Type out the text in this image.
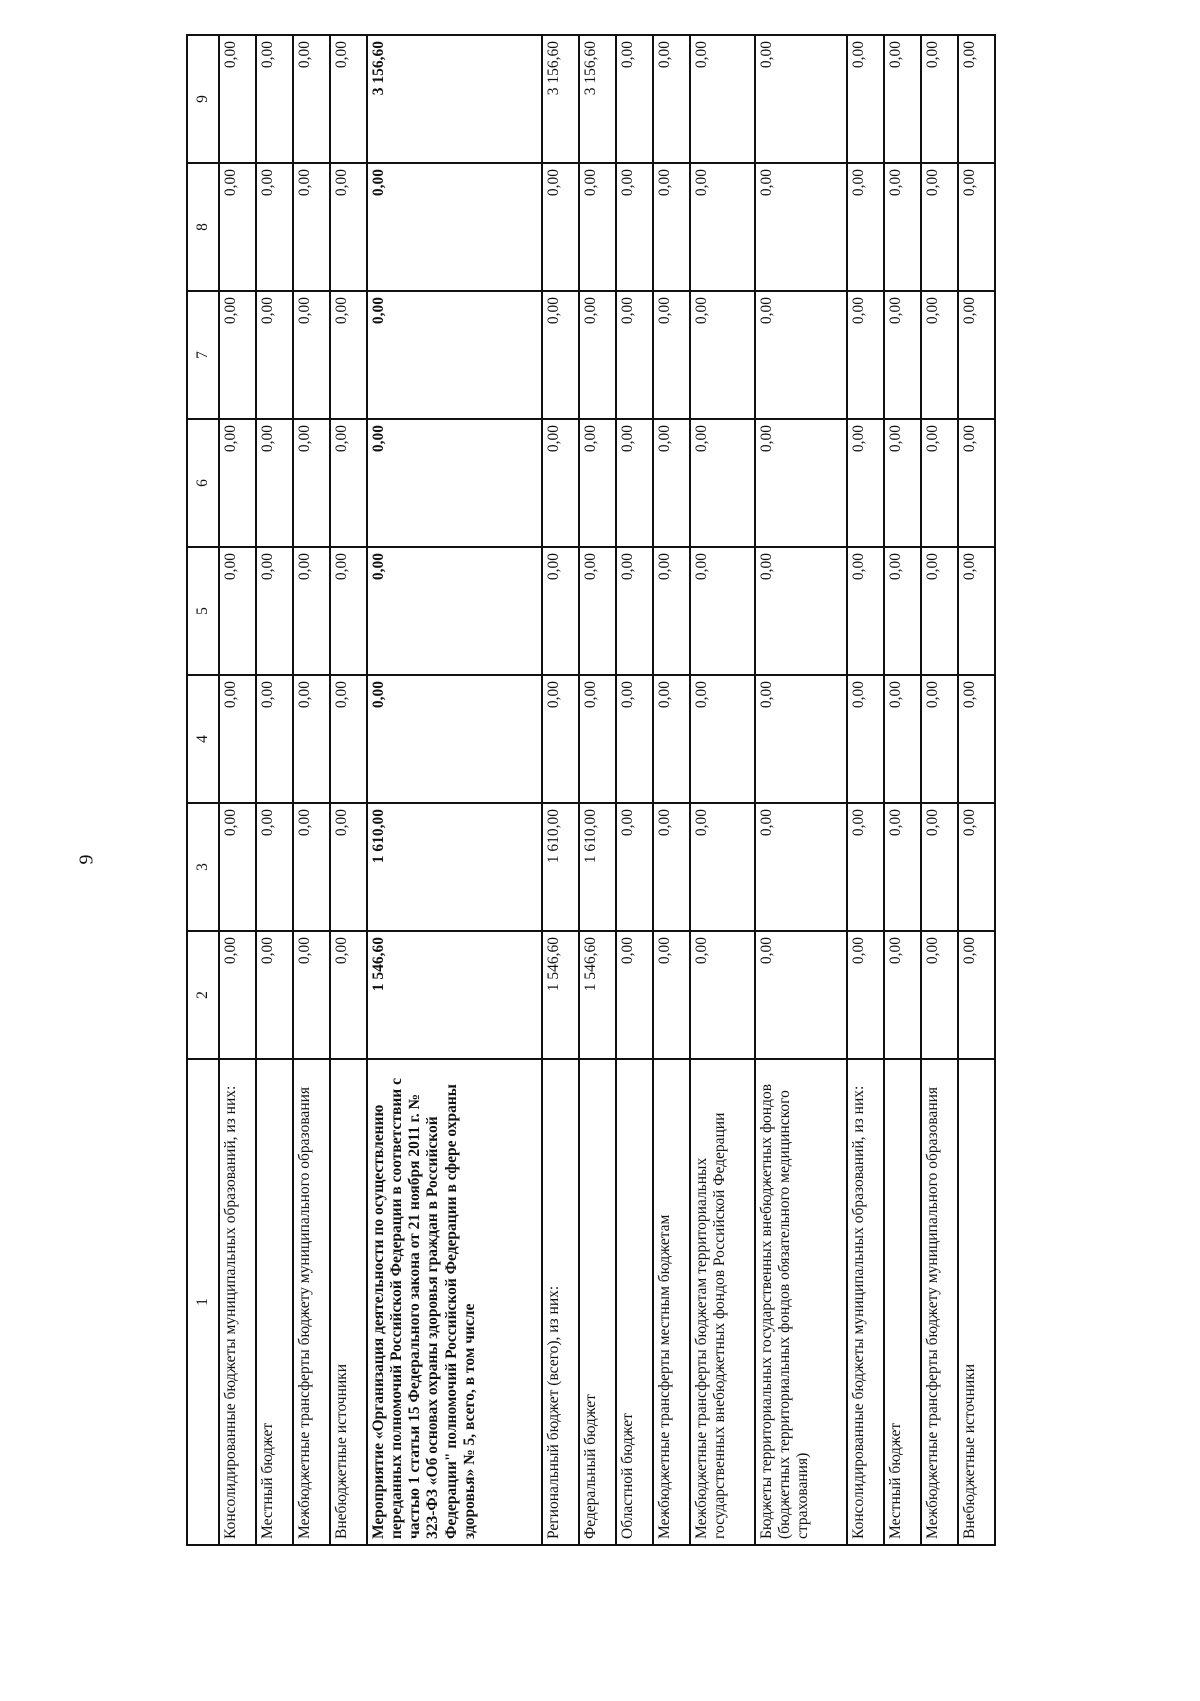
9
1	2	3	4	5	6	7	8	9
Консолидированные бюджеты муниципальных образований, из них:	0,00	0,00	0,00	0,00	0,00	0,00	0,00	0,00
Местный бюджет	0,00	0,00	0,00	0,00	0,00	0,00	0,00	0,00
Межбюджетные трансферты бюджету муниципального образования	0,00	0,00	0,00	0,00	0,00	0,00	0,00	0,00
Внебюджетные источники	0,00	0,00	0,00	0,00	0,00	0,00	0,00	0,00
Мероприятие «Организация деятельности по осуществлению переданных полномочий Российской Федерации в соответствии с частью 1 статьи 15 Федерального закона от 21 ноября 2011 г. № 323-ФЗ «Об основах охраны здоровья граждан в Российской Федерации" полномочий Российской Федерации в сфере охраны здоровья» № 5, всего, в том числе	1 546,60	1 610,00	0,00	0,00	0,00	0,00	0,00	3 156,60
Региональный бюджет (всего), из них:	1 546,60	1 610,00	0,00	0,00	0,00	0,00	0,00	3 156,60
Федеральный бюджет	1 546,60	1 610,00	0,00	0,00	0,00	0,00	0,00	3 156,60
Областной бюджет	0,00	0,00	0,00	0,00	0,00	0,00	0,00	0,00
Межбюджетные трансферты местным бюджетам	0,00	0,00	0,00	0,00	0,00	0,00	0,00	0,00
Межбюджетные трансферты бюджетам территориальных государственных внебюджетных фондов Российской Федерации	0,00	0,00	0,00	0,00	0,00	0,00	0,00	0,00
Бюджеты территориальных государственных внебюджетных фондов (бюджетных территориальных фондов обязательного медицинского страхования)	0,00	0,00	0,00	0,00	0,00	0,00	0,00	0,00
Консолидированные бюджеты муниципальных образований, из них:	0,00	0,00	0,00	0,00	0,00	0,00	0,00	0,00
Местный бюджет	0,00	0,00	0,00	0,00	0,00	0,00	0,00	0,00
Межбюджетные трансферты бюджету муниципального образования	0,00	0,00	0,00	0,00	0,00	0,00	0,00	0,00
Внебюджетные источники	0,00	0,00	0,00	0,00	0,00	0,00	0,00	0,00
